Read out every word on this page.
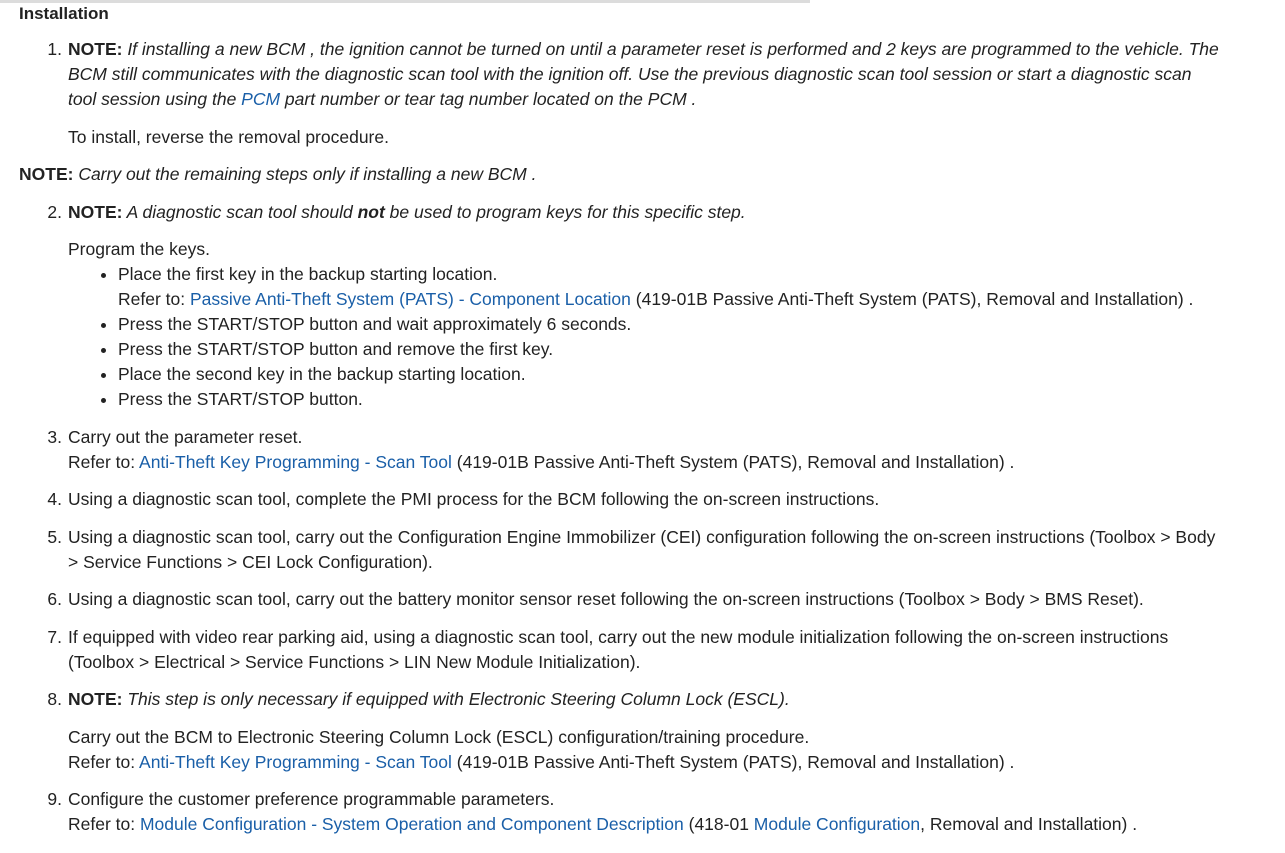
Installation
1. NOTE: If installing a new BCM , the ignition cannot be turned on until a parameter reset is performed and 2 keys are programmed to the vehicle. The
BCM still communicates with the diagnostic scan tool with the ignition off. Use the previous diagnostic scan tool session or start a diagnostic scan
tool session using the PCM part number or tear tag number located on the PCM .
To install, reverse the removal procedure.
NOTE: Carry out the remaining steps only if installing a new BCM .
2. NOTE: A diagnostic scan tool should not be used to program keys for this specific step.
Program the keys.
• Place the first key in the backup starting location.
Refer to: Passive Anti-Theft System (PATS) - Component Location (419-01B Passive Anti-Theft System (PATS), Removal and Installation) .
• Press the START/STOP button and wait approximately 6 seconds.
• Press the START/STOP button and remove the first key.
• Place the second key in the backup starting location.
• Press the START/STOP button.
3. Carry out the parameter reset.
Refer to: Anti-Theft Key Programming - Scan Tool (419-01B Passive Anti-Theft System (PATS), Removal and Installation) .
4. Using a diagnostic scan tool, complete the PMI process for the BCM following the on-screen instructions.
5. Using a diagnostic scan tool, carry out the Configuration Engine Immobilizer (CEI) configuration following the on-screen instructions (Toolbox > Body
> Service Functions > CEI Lock Configuration).
6. Using a diagnostic scan tool, carry out the battery monitor sensor reset following the on-screen instructions (Toolbox > Body > BMS Reset).
7. If equipped with video rear parking aid, using a diagnostic scan tool, carry out the new module initialization following the on-screen instructions
(Toolbox > Electrical > Service Functions > LIN New Module Initialization).
8. NOTE: This step is only necessary if equipped with Electronic Steering Column Lock (ESCL).
Carry out the BCM to Electronic Steering Column Lock (ESCL) configuration/training procedure.
Refer to: Anti-Theft Key Programming - Scan Tool (419-01B Passive Anti-Theft System (PATS), Removal and Installation) .
9. Configure the customer preference programmable parameters.
Refer to: Module Configuration - System Operation and Component Description (418-01 Module Configuration, Removal and Installation) .
